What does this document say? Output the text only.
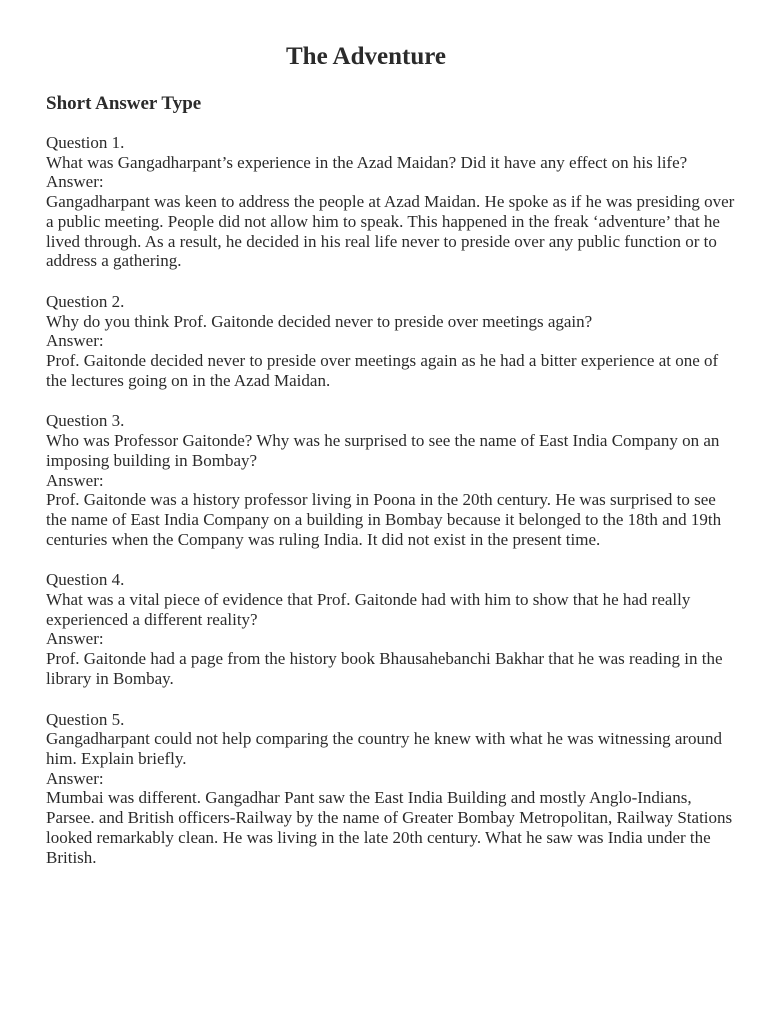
The Adventure
Short Answer Type
Question 1.
What was Gangadharpant’s experience in the Azad Maidan? Did it have any effect on his life?
Answer:
Gangadharpant was keen to address the people at Azad Maidan. He spoke as if he was presiding over a public meeting. People did not allow him to speak. This happened in the freak ‘adventure’ that he lived through. As a result, he decided in his real life never to preside over any public function or to address a gathering.
Question 2.
Why do you think Prof. Gaitonde decided never to preside over meetings again?
Answer:
Prof. Gaitonde decided never to preside over meetings again as he had a bitter experience at one of the lectures going on in the Azad Maidan.
Question 3.
Who was Professor Gaitonde? Why was he surprised to see the name of East India Company on an imposing building in Bombay?
Answer:
Prof. Gaitonde was a history professor living in Poona in the 20th century. He was surprised to see the name of East India Company on a building in Bombay because it belonged to the 18th and 19th centuries when the Company was ruling India. It did not exist in the present time.
Question 4.
What was a vital piece of evidence that Prof. Gaitonde had with him to show that he had really experienced a different reality?
Answer:
Prof. Gaitonde had a page from the history book Bhausahebanchi Bakhar that he was reading in the library in Bombay.
Question 5.
Gangadharpant could not help comparing the country he knew with what he was witnessing around him. Explain briefly.
Answer:
Mumbai was different. Gangadhar Pant saw the East India Building and mostly Anglo-Indians, Parsee. and British officers-Railway by the name of Greater Bombay Metropolitan, Railway Stations looked remarkably clean. He was living in the late 20th century. What he saw was India under the British.
